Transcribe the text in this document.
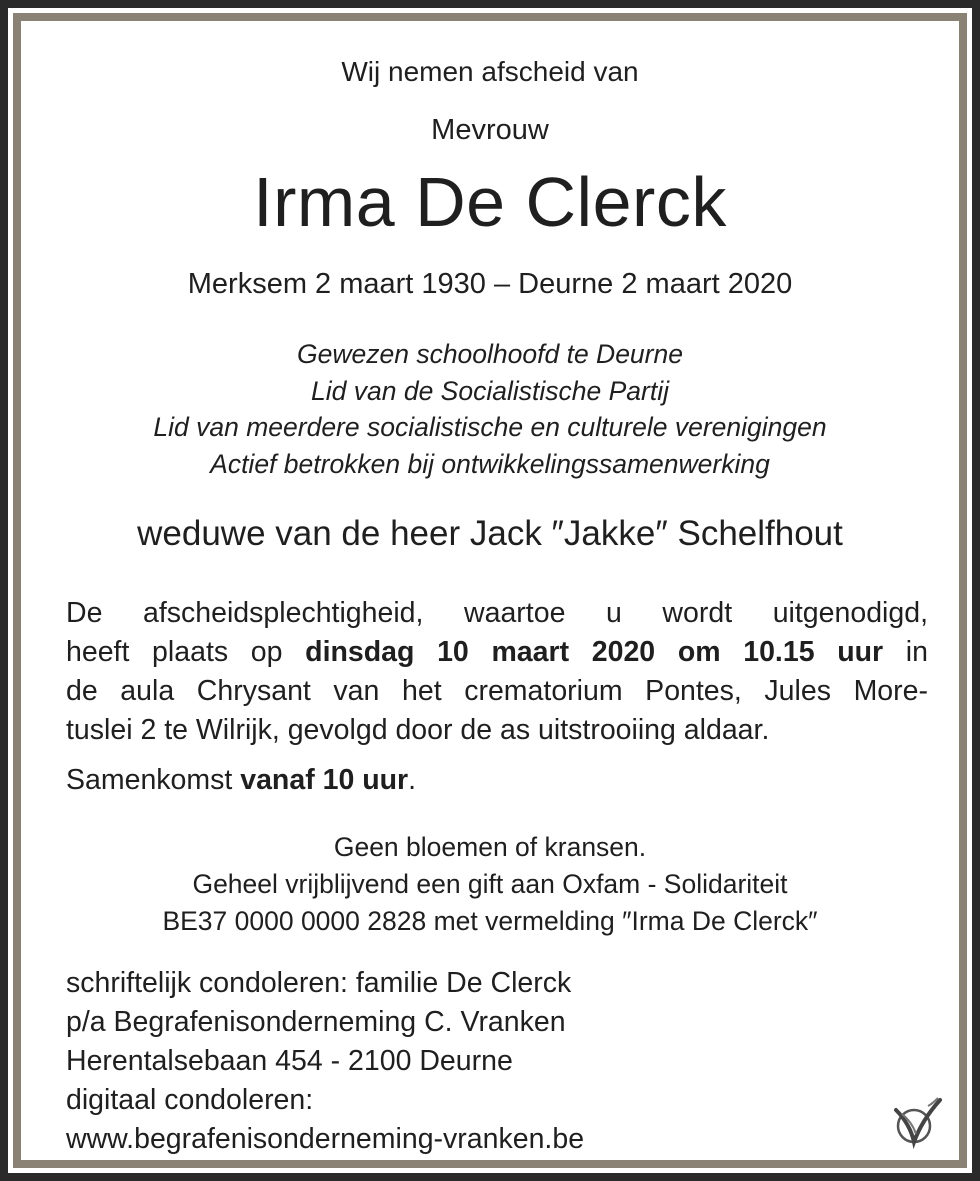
Wij nemen afscheid van
Mevrouw
Irma De Clerck
Merksem 2 maart 1930 – Deurne 2 maart 2020
Gewezen schoolhoofd te Deurne
Lid van de Socialistische Partij
Lid van meerdere socialistische en culturele verenigingen
Actief betrokken bij ontwikkelingssamenwerking
weduwe van de heer Jack ″Jakke″ Schelfhout
De afscheidsplechtigheid, waartoe u wordt uitgenodigd,
heeft plaats op dinsdag 10 maart 2020 om 10.15 uur in
de aula Chrysant van het crematorium Pontes, Jules More-
tuslei 2 te Wilrijk, gevolgd door de as uitstrooiing aldaar.
Samenkomst vanaf 10 uur.
Geen bloemen of kransen.
Geheel vrijblijvend een gift aan Oxfam - Solidariteit
BE37 0000 0000 2828 met vermelding ″Irma De Clerck″
schriftelijk condoleren: familie De Clerck
p/a Begrafenisonderneming C. Vranken
Herentalsebaan 454 - 2100 Deurne
digitaal condoleren:
www.begrafenisonderneming-vranken.be
